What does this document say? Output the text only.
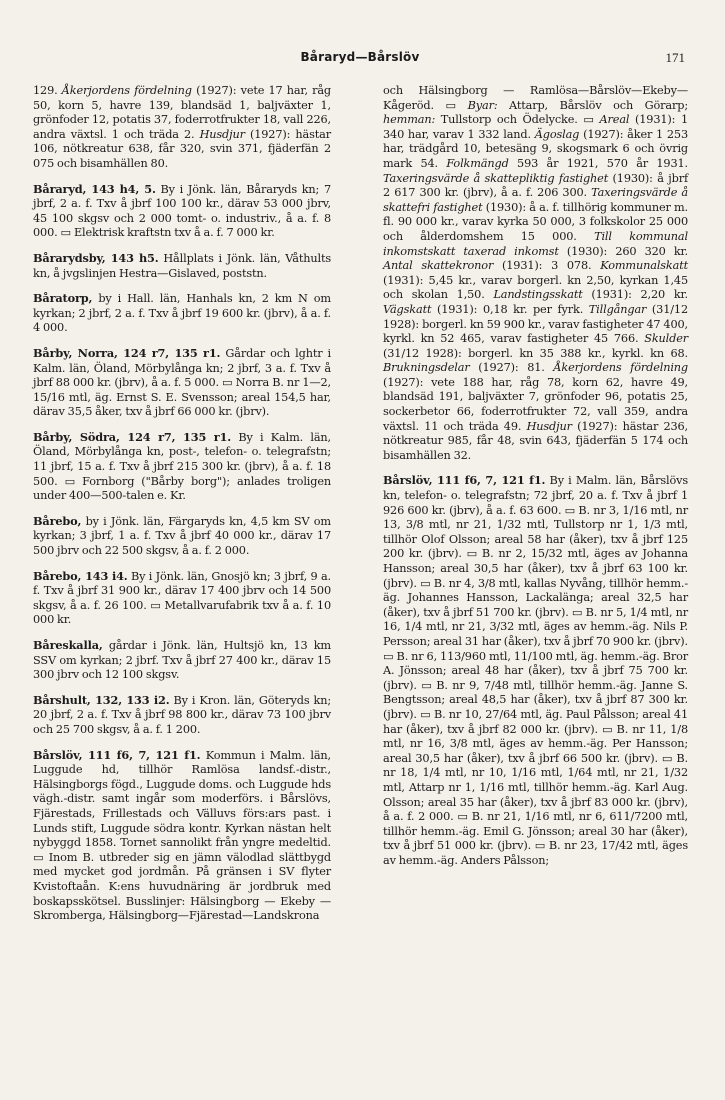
Båraryd—Bårslöv	171

129. Åkerjordens fördelning (1927): vete 17 har, råg 50, korn 5, havre 139, blandsäd 1, baljväxter 1, grönfoder 12, potatis 37, foderrotfrukter 18, vall 226, andra växtsl. 1 och träda 2. Husdjur (1927): hästar 106, nötkreatur 638, får 320, svin 371, fjäderfän 2 075 och bisamhällen 80.

Båraryd, 143 h4, 5. By i Jönk. län, Båraryds kn; 7 jbrf, 2 a. f. Txv å jbrf 100 100 kr., därav 53 000 jbrv, 45 100 skgsv och 2 000 tomt- o. industriv., å a. f. 8 000. ▭ Elektrisk kraftstn txv å a. f. 7 000 kr.

Bårarydsby, 143 h5. Hållplats i Jönk. län, Våthults kn, å jvgslinjen Hestra—Gislaved, poststn.

Båratorp, by i Hall. län, Hanhals kn, 2 km N om kyrkan; 2 jbrf, 2 a. f. Txv å jbrf 19 600 kr. (jbrv), å a. f. 4 000.

Bårby, Norra, 124 r7, 135 r1. Gårdar och lghtr i Kalm. län, Öland, Mörbylånga kn; 2 jbrf, 3 a. f. Txv å jbrf 88 000 kr. (jbrv), å a. f. 5 000. ▭ Norra B. nr 1—2, 15/16 mtl, äg. Ernst S. E. Svensson; areal 154,5 har, därav 35,5 åker, txv å jbrf 66 000 kr. (jbrv).

Bårby, Södra, 124 r7, 135 r1. By i Kalm. län, Öland, Mörbylånga kn, post-, telefon- o. telegrafstn; 11 jbrf, 15 a. f. Txv å jbrf 215 300 kr. (jbrv), å a. f. 18 500. ▭ Fornborg ("Bårby borg"); anlades troligen under 400—500-talen e. Kr.

Bårebo, by i Jönk. län, Färgaryds kn, 4,5 km SV om kyrkan; 3 jbrf, 1 a. f. Txv å jbrf 40 000 kr., därav 17 500 jbrv och 22 500 skgsv, å a. f. 2 000.

Bårebo, 143 i4. By i Jönk. län, Gnosjö kn; 3 jbrf, 9 a. f. Txv å jbrf 31 900 kr., därav 17 400 jbrv och 14 500 skgsv, å a. f. 26 100. ▭ Metallvarufabrik txv å a. f. 10 000 kr.

Båreskalla, gårdar i Jönk. län, Hultsjö kn, 13 km SSV om kyrkan; 2 jbrf. Txv å jbrf 27 400 kr., därav 15 300 jbrv och 12 100 skgsv.

Bårshult, 132, 133 i2. By i Kron. län, Göteryds kn; 20 jbrf, 2 a. f. Txv å jbrf 98 800 kr., därav 73 100 jbrv och 25 700 skgsv, å a. f. 1 200.

Bårslöv, 111 f6, 7, 121 f1. Kommun i Malm. län, Luggude hd, tillhör Ramlösa landsf.-distr., Hälsingborgs fögd., Luggude doms. och Luggude hds vägh.-distr. samt ingår som moderförs. i Bårslövs, Fjärestads, Frillestads och Välluvs förs:ars past. i Lunds stift, Luggude södra kontr. Kyrkan nästan helt nybyggd 1858. Tornet sannolikt från yngre medeltid. ▭ Inom B. utbreder sig en jämn välodlad slättbygd med mycket god jordmån. På gränsen i SV flyter Kvistoftaån. K:ens huvudnäring är jordbruk med boskapsskötsel. Busslinjer: Hälsingborg — Ekeby — Skromberga, Hälsingborg—Fjärestad—Landskrona

och Hälsingborg — Ramlösa—Bårslöv—Ekeby—Kågeröd. ▭ Byar: Attarp, Bårslöv och Görarp; hemman: Tullstorp och Ödelycke. ▭ Areal (1931): 1 340 har, varav 1 332 land. Ägoslag (1927): åker 1 253 har, trädgård 10, betesäng 9, skogsmark 6 och övrig mark 54. Folkmängd 593 år 1921, 570 år 1931. Taxeringsvärde å skattepliktig fastighet (1930): å jbrf 2 617 300 kr. (jbrv), å a. f. 206 300. Taxeringsvärde å skattefri fastighet (1930): å a. f. tillhörig kommuner m. fl. 90 000 kr., varav kyrka 50 000, 3 folkskolor 25 000 och ålderdomshem 15 000. Till kommunal inkomstskatt taxerad inkomst (1930): 260 320 kr. Antal skattekronor (1931): 3 078. Kommunalskatt (1931): 5,45 kr., varav borgerl. kn 2,50, kyrkan 1,45 och skolan 1,50. Landstingsskatt (1931): 2,20 kr. Vägskatt (1931): 0,18 kr. per fyrk. Tillgångar (31/12 1928): borgerl. kn 59 900 kr., varav fastigheter 47 400, kyrkl. kn 52 465, varav fastigheter 45 766. Skulder (31/12 1928): borgerl. kn 35 388 kr., kyrkl. kn 68. Brukningsdelar (1927): 81. Åkerjordens fördelning (1927): vete 188 har, råg 78, korn 62, havre 49, blandsäd 191, baljväxter 7, grönfoder 96, potatis 25, sockerbetor 66, foderrotfrukter 72, vall 359, andra växtsl. 11 och träda 49. Husdjur (1927): hästar 236, nötkreatur 985, får 48, svin 643, fjäderfän 5 174 och bisamhällen 32.

Bårslöv, 111 f6, 7, 121 f1. By i Malm. län, Bårslövs kn, telefon- o. telegrafstn; 72 jbrf, 20 a. f. Txv å jbrf 1 926 600 kr. (jbrv), å a. f. 63 600. ▭ B. nr 3, 1/16 mtl, nr 13, 3/8 mtl, nr 21, 1/32 mtl, Tullstorp nr 1, 1/3 mtl, tillhör Olof Olsson; areal 58 har (åker), txv å jbrf 125 200 kr. (jbrv). ▭ B. nr 2, 15/32 mtl, äges av Johanna Hansson; areal 30,5 har (åker), txv å jbrf 63 100 kr. (jbrv). ▭ B. nr 4, 3/8 mtl, kallas Nyvång, tillhör hemm.-äg. Johannes Hansson, Lackalänga; areal 32,5 har (åker), txv å jbrf 51 700 kr. (jbrv). ▭ B. nr 5, 1/4 mtl, nr 16, 1/4 mtl, nr 21, 3/32 mtl, äges av hemm.-äg. Nils P. Persson; areal 31 har (åker), txv å jbrf 70 900 kr. (jbrv). ▭ B. nr 6, 113/960 mtl, 11/100 mtl, äg. hemm.-äg. Bror A. Jönsson; areal 48 har (åker), txv å jbrf 75 700 kr. (jbrv). ▭ B. nr 9, 7/48 mtl, tillhör hemm.-äg. Janne S. Bengtsson; areal 48,5 har (åker), txv å jbrf 87 300 kr. (jbrv). ▭ B. nr 10, 27/64 mtl, äg. Paul Pålsson; areal 41 har (åker), txv å jbrf 82 000 kr. (jbrv). ▭ B. nr 11, 1/8 mtl, nr 16, 3/8 mtl, äges av hemm.-äg. Per Hansson; areal 30,5 har (åker), txv å jbrf 66 500 kr. (jbrv). ▭ B. nr 18, 1/4 mtl, nr 10, 1/16 mtl, 1/64 mtl, nr 21, 1/32 mtl, Attarp nr 1, 1/16 mtl, tillhör hemm.-äg. Karl Aug. Olsson; areal 35 har (åker), txv å jbrf 83 000 kr. (jbrv), å a. f. 2 000. ▭ B. nr 21, 1/16 mtl, nr 6, 611/7200 mtl, tillhör hemm.-äg. Emil G. Jönsson; areal 30 har (åker), txv å jbrf 51 000 kr. (jbrv). ▭ B. nr 23, 17/42 mtl, äges av hemm.-äg. Anders Pålsson;
